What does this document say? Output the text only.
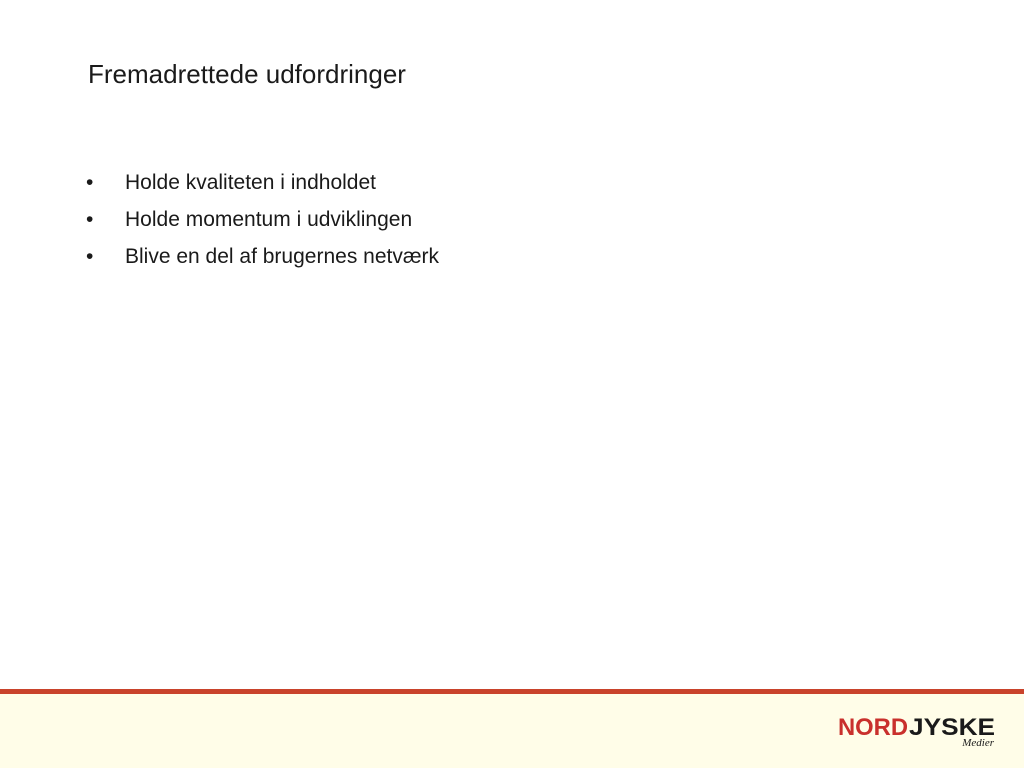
Fremadrettede udfordringer
•	Holde kvaliteten i indholdet
•	Holde momentum i udviklingen
•	Blive en del af brugernes netværk
NORD JYSKE
Medier
